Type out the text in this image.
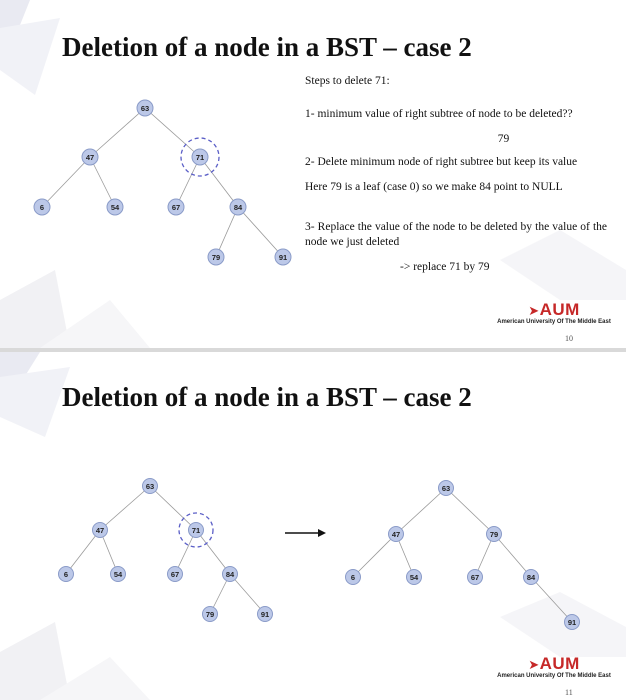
Deletion of a node in a BST – case 2
63
47	71
6	54	67	84
79	91

Steps to delete 71:

1- minimum value of right subtree of node to be deleted??

79

2- Delete minimum node of right subtree but keep its value

Here 79 is a leaf (case 0) so we make 84 point to NULL

3- Replace the value of the node to be deleted by the value of the node we just deleted

-> replace 71 by 79

➤AUM
American University Of The Middle East
10
Deletion of a node in a BST – case 2
63
47	71
6	54	67	84
79	91
63
47	79
6	54	67	84
91
➤AUM
American University Of The Middle East
11
